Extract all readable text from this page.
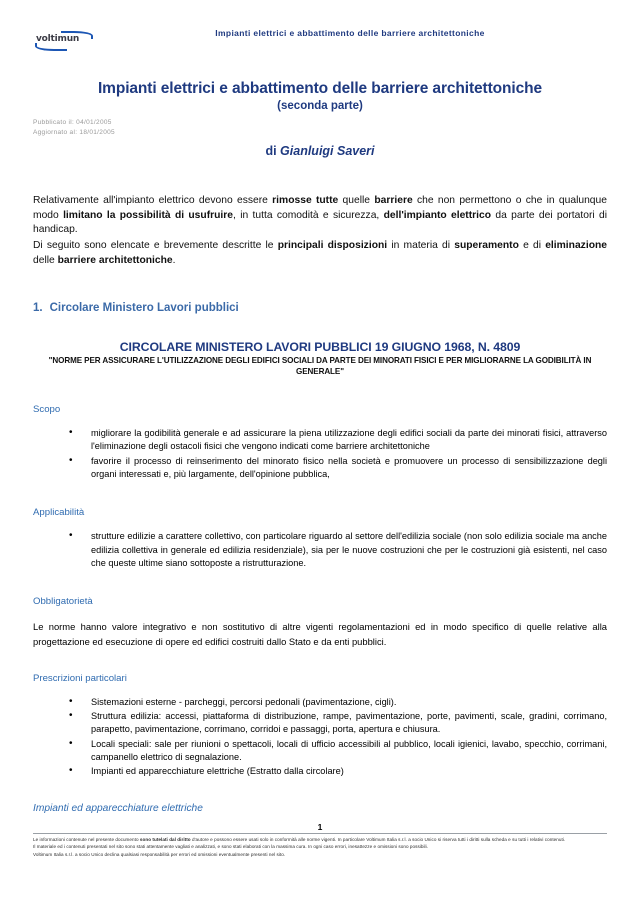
voltimun
Impianti elettrici e abbattimento delle barriere architettoniche
Impianti elettrici e abbattimento delle barriere architettoniche
(seconda parte)
Pubblicato il: 04/01/2005
Aggiornato al: 18/01/2005
di Gianluigi Saveri

Relativamente all'impianto elettrico devono essere rimosse tutte quelle barriere che non permettono o che in qualunque modo limitano la possibilità di usufruire, in tutta comodità e sicurezza, dell'impianto elettrico da parte dei portatori di handicap.

Di seguito sono elencate e brevemente descritte le principali disposizioni in materia di superamento e di eliminazione delle barriere architettoniche.

1. Circolare Ministero Lavori pubblici
CIRCOLARE MINISTERO LAVORI PUBBLICI 19 GIUGNO 1968, N. 4809
"NORME PER ASSICURARE L'UTILIZZAZIONE DEGLI EDIFICI SOCIALI DA PARTE DEI MINORATI FISICI E PER MIGLIORARNE LA GODIBILITÀ IN GENERALE"
Scopo
• migliorare la godibilità generale e ad assicurare la piena utilizzazione degli edifici sociali da parte dei minorati fisici, attraverso l'eliminazione degli ostacoli fisici che vengono indicati come barriere architettoniche
• favorire il processo di reinserimento del minorato fisico nella società e promuovere un processo di sensibilizzazione degli organi interessati e, più largamente, dell'opinione pubblica,
Applicabilità
• strutture edilizie a carattere collettivo, con particolare riguardo al settore dell'edilizia sociale (non solo edilizia sociale ma anche edilizia collettiva in generale ed edilizia residenziale), sia per le nuove costruzioni che per le costruzioni già esistenti, nel caso che queste ultime siano sottoposte a ristrutturazione.
Obbligatorietà
Le norme hanno valore integrativo e non sostitutivo di altre vigenti regolamentazioni ed in modo specifico di quelle relative alla progettazione ed esecuzione di opere ed edifici costruiti dallo Stato e da enti pubblici.
Prescrizioni particolari
• Sistemazioni esterne - parcheggi, percorsi pedonali (pavimentazione, cigli).
• Struttura edilizia: accessi, piattaforma di distribuzione, rampe, pavimentazione, porte, pavimenti, scale, gradini, corrimano, parapetto, pavimentazione, corrimano, corridoi e passaggi, porta, apertura e chiusura.
• Locali speciali: sale per riunioni o spettacoli, locali di ufficio accessibili al pubblico, locali igienici, lavabo, specchio, corrimani, campanello elettrico di segnalazione.
• Impianti ed apparecchiature elettriche (Estratto dalla circolare)
Impianti ed apparecchiature elettriche
1

Le informazioni contenute nel presente documento sono tutelati dal diritto d'autore e possono essere usati solo in conformità alle norme vigenti. In particolare Voltimum Italia s.r.l. a socio Unico si riserva tutti i diritti sulla scheda e su tutti i relativi contenuti.

Il materiale ed i contenuti presentati nel sito sono stati attentamente vagliati e analizzati, e sono stati elaborati con la massima cura. In ogni caso errori, inesattezze e omissioni sono possibili.

Voltimum Italia s.r.l. a socio Unico declina qualsiasi responsabilità per errori ed omissioni eventualmente presenti nel sito.
